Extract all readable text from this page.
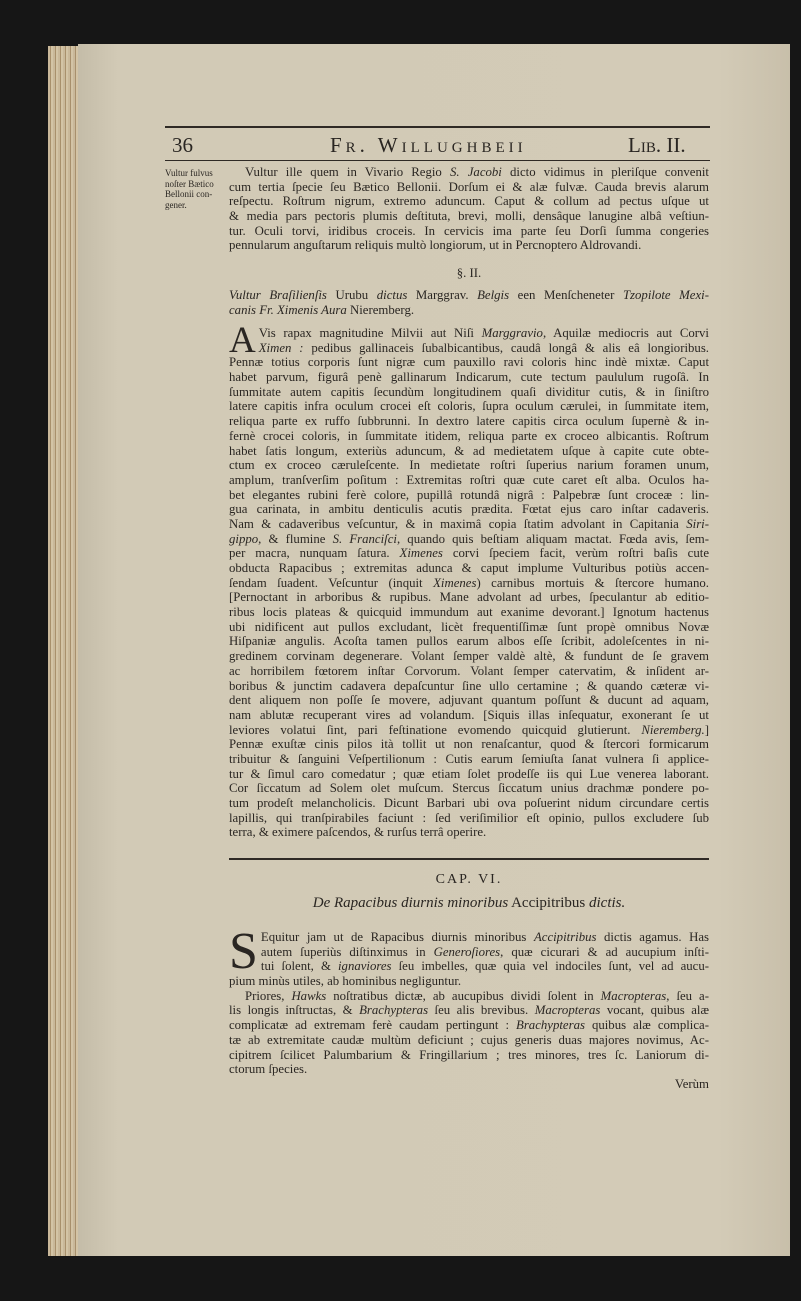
36	Fr. Willughbeii	Lib. II.
Vultur fulvus
noſter Bætico
Bellonii con-
gener.
Vultur ille quem in Vivario Regio S. Jacobi dicto vidimus in pleriſque convenit
cum tertia ſpecie ſeu Bætico Bellonii. Dorſum ei & alæ fulvæ. Cauda brevis alarum
reſpectu. Roſtrum nigrum, extremo aduncum. Caput & collum ad pectus uſque ut
& media pars pectoris plumis deſtituta, brevi, molli, densâque lanugine albâ veſtiun-
tur. Oculi torvi, iridibus croceis. In cervicis ima parte ſeu Dorſi ſumma congeries
pennularum anguſtarum reliquis multò longiorum, ut in Percnoptero Aldrovandi.
§. II.
Vultur Braſilienſis Urubu dictus Marggrav. Belgis een Menſcheneter Tzopilote Mexi-
canis Fr. Ximenis Aura Nieremberg.
A Vis rapax magnitudine Milvii aut Niſi Marggravio, Aquilæ mediocris aut Corvi
Ximen : pedibus gallinaceis ſubalbicantibus, caudâ longâ & alis eâ longioribus.
Pennæ totius corporis ſunt nigræ cum pauxillo ravi coloris hinc indè mixtæ. Caput
habet parvum, figurâ penè gallinarum Indicarum, cute tectum paululum rugoſâ. In
ſummitate autem capitis ſecundùm longitudinem quaſi dividitur cutis, & in ſiniſtro
latere capitis infra oculum crocei eſt coloris, ſupra oculum cærulei, in ſummitate item,
reliqua parte ex ruffo ſubbrunni. In dextro latere capitis circa oculum ſupernè & in-
fernè crocei coloris, in ſummitate itidem, reliqua parte ex croceo albicantis. Roſtrum
habet ſatis longum, exteriùs aduncum, & ad medietatem uſque à capite cute obte-
ctum ex croceo cæruleſcente. In medietate roſtri ſuperius narium foramen unum,
amplum, tranſverſim poſitum : Extremitas roſtri quæ cute caret eſt alba. Oculos ha-
bet elegantes rubini ferè colore, pupillâ rotundâ nigrâ : Palpebræ ſunt croceæ : lin-
gua carinata, in ambitu denticulis acutis prædita. Fœtat ejus caro inſtar cadaveris.
Nam & cadaveribus veſcuntur, & in maximâ copia ſtatim advolant in Capitania Siri-
gippo, & flumine S. Franciſci, quando quis beſtiam aliquam mactat. Fœda avis, ſem-
per macra, nunquam ſatura. Ximenes corvi ſpeciem facit, verùm roſtri baſis cute
obducta Rapacibus ; extremitas adunca & caput implume Vulturibus potiùs accen-
ſendam ſuadent. Veſcuntur (inquit Ximenes) carnibus mortuis & ſtercore humano.
[Pernoctant in arboribus & rupibus. Mane advolant ad urbes, ſpeculantur ab editio-
ribus locis plateas & quicquid immundum aut exanime devorant.] Ignotum hactenus
ubi nidificent aut pullos excludant, licèt frequentiſſimæ ſunt propè omnibus Novæ
Hiſpaniæ angulis. Acoſta tamen pullos earum albos eſſe ſcribit, adoleſcentes in ni-
gredinem corvinam degenerare. Volant ſemper valdè altè, & fundunt de ſe gravem
ac horribilem fœtorem inſtar Corvorum. Volant ſemper catervatim, & inſident ar-
boribus & junctim cadavera depaſcuntur ſine ullo certamine ; & quando cæteræ vi-
dent aliquem non poſſe ſe movere, adjuvant quantum poſſunt & ducunt ad aquam,
nam ablutæ recuperant vires ad volandum. [Siquis illas inſequatur, exonerant ſe ut
leviores volatui ſint, pari feſtinatione evomendo quicquid glutierunt. Nieremberg.]
Pennæ exuſtæ cinis pilos ità tollit ut non renaſcantur, quod & ſtercori formicarum
tribuitur & ſanguini Veſpertilionum : Cutis earum ſemiuſta ſanat vulnera ſi applice-
tur & ſimul caro comedatur ; quæ etiam ſolet prodeſſe iis qui Lue venerea laborant.
Cor ſiccatum ad Solem olet muſcum. Stercus ſiccatum unius drachmæ pondere po-
tum prodeſt melancholicis. Dicunt Barbari ubi ova poſuerint nidum circundare certis
lapillis, qui tranſpirabiles faciunt : ſed veriſimilior eſt opinio, pullos excludere ſub
terra, & eximere paſcendos, & rurſus terrâ operire.
CAP. VI.
De Rapacibus diurnis minoribus Accipitribus dictis.
S Equitur jam ut de Rapacibus diurnis minoribus Accipitribus dictis agamus. Has
autem ſuperiùs diſtinximus in Generoſiores, quæ cicurari & ad aucupium inſti-
tui ſolent, & ignaviores ſeu imbelles, quæ quia vel indociles ſunt, vel ad aucu-
pium minùs utiles, ab hominibus negliguntur.
Priores, Hawks noſtratibus dictæ, ab aucupibus dividi ſolent in Macropteras, ſeu a-
lis longis inſtructas, & Brachypteras ſeu alis brevibus. Macropteras vocant, quibus alæ
complicatæ ad extremam ferè caudam pertingunt : Brachypteras quibus alæ complica-
tæ ab extremitate caudæ multùm deficiunt ; cujus generis duas majores novimus, Ac-
cipitrem ſcilicet Palumbarium & Fringillarium ; tres minores, tres ſc. Laniorum di-
ctorum ſpecies.
Verùm
